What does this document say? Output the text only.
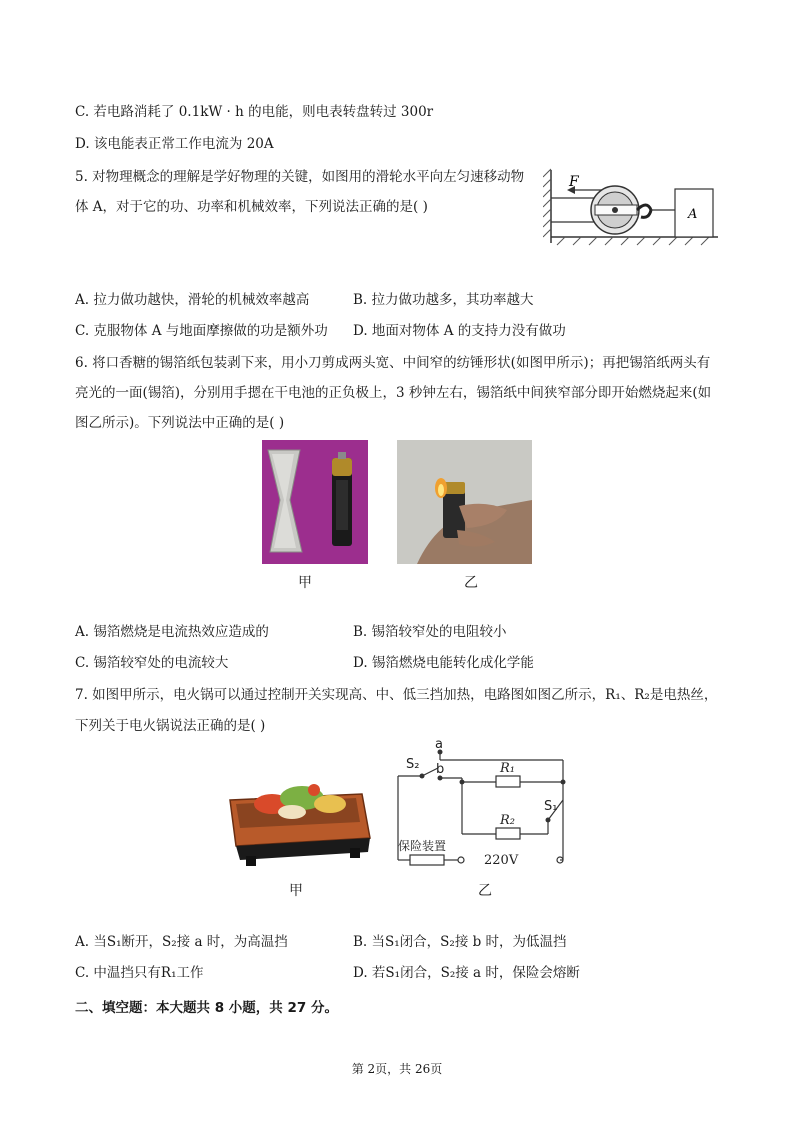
C. 若电路消耗了 0.1kW · h 的电能，则电表转盘转过 300r
D. 该电能表正常工作电流为 20A
5. 对物理概念的理解是学好物理的关键，如图用的滑轮水平向左匀速移动物
体 A，对于它的功、功率和机械效率，下列说法正确的是( )
F
A
A. 拉力做功越快，滑轮的机械效率越高	B. 拉力做功越多，其功率越大
C. 克服物体 A 与地面摩擦做的功是额外功 D. 地面对物体 A 的支持力没有做功
6. 将口香糖的锡箔纸包装剥下来，用小刀剪成两头宽、中间窄的纺锤形状(如图甲所示)；再把锡箔纸两头有
亮光的一面(锡箔)，分别用手摁在干电池的正负极上，3 秒钟左右，锡箔纸中间狭窄部分即开始燃烧起来(如
图乙所示)。下列说法中正确的是( )
甲	乙
A. 锡箔燃烧是电流热效应造成的	B. 锡箔较窄处的电阻较小
C. 锡箔较窄处的电流较大	D. 锡箔燃烧电能转化成化学能
7. 如图甲所示，电火锅可以通过控制开关实现高、中、低三挡加热，电路图如图乙所示，R₁、R₂是电热丝，
下列关于电火锅说法正确的是( )
a
b
S₂
S₁
R₁
R₂
保险装置
220V
甲	乙
A. 当S₁断开，S₂接 a 时，为高温挡	B. 当S₁闭合，S₂接 b 时，为低温挡
C. 中温挡只有R₁工作	D. 若S₁闭合，S₂接 a 时，保险会熔断
二、填空题：本大题共 8 小题，共 27 分。
第 2页，共 26页
